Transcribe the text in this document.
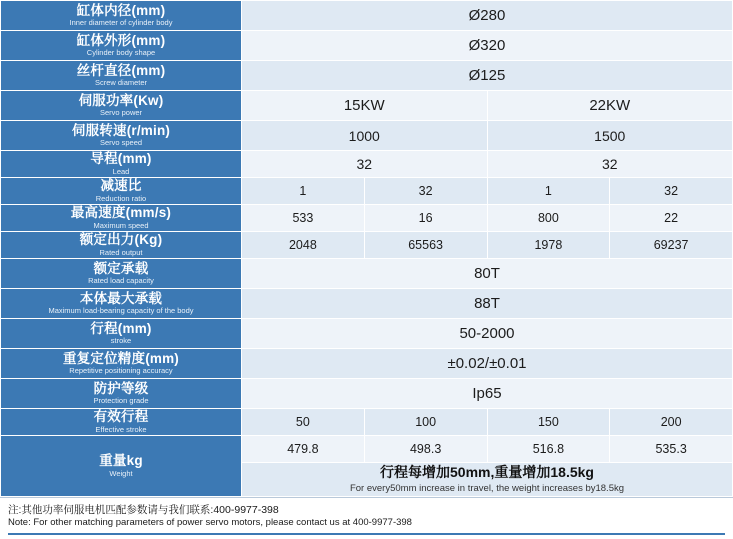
缸体内径(mm)
Inner diameter of cylinder body	Ø280			

缸体外形(mm)
Cylinder body shape	Ø320			

丝杆直径(mm)
Screw diameter	Ø125			

伺服功率(Kw)
Servo power	15KW		22KW	

伺服转速(r/min)
Servo speed	1000		1500	

导程(mm)
Lead	32		32	

减速比
Reduction ratio	1	32	1	32

最高速度(mm/s)
Maximum speed	533	16	800	22

额定出力(Kg)
Rated output	2048	65563	1978	69237

额定承载
Rated load capacity	80T			

本体最大承载
Maximum load-bearing capacity of the body	88T			

行程(mm)
stroke	50-2000			

重复定位精度(mm)
Repetitive positioning accuracy	±0.02/±0.01			

防护等级
Protection grade	Ip65			

有效行程
Effective stroke	50	100	150	200

重量kg
Weight	479.8	498.3	516.8	535.3

	行程每增加50mm,重量增加18.5kg
For every50mm increase in travel, the weight increases by18.5kg			
注:其他功率伺服电机匹配参数请与我们联系:400-9977-398
Note: For other matching parameters of power servo motors, please contact us at 400-9977-398
